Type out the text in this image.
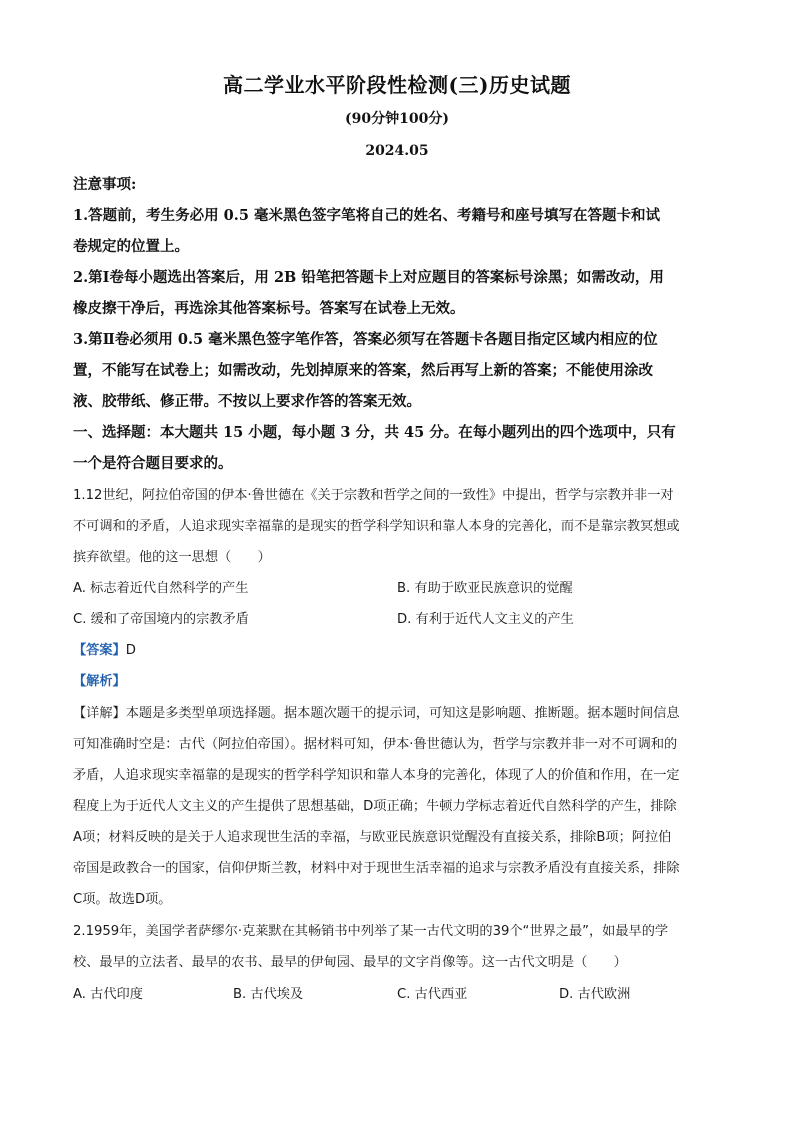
高二学业水平阶段性检测(三)历史试题
(90分钟100分)
2024.05
注意事项:
1.答题前，考生务必用 0.5 毫米黑色签字笔将自己的姓名、考籍号和座号填写在答题卡和试
卷规定的位置上。
2.第Ⅰ卷每小题选出答案后，用 2B 铅笔把答题卡上对应题目的答案标号涂黑；如需改动，用
橡皮擦干净后，再选涂其他答案标号。答案写在试卷上无效。
3.第Ⅱ卷必须用 0.5 毫米黑色签字笔作答，答案必须写在答题卡各题目指定区域内相应的位
置，不能写在试卷上；如需改动，先划掉原来的答案，然后再写上新的答案；不能使用涂改
液、胶带纸、修正带。不按以上要求作答的答案无效。
一、选择题：本大题共 15 小题，每小题 3 分，共 45 分。在每小题列出的四个选项中，只有
一个是符合题目要求的。
1.12世纪，阿拉伯帝国的伊本·鲁世德在《关于宗教和哲学之间的一致性》中提出，哲学与宗教并非一对
不可调和的矛盾，人追求现实幸福靠的是现实的哲学科学知识和靠人本身的完善化，而不是靠宗教冥想或
摈弃欲望。他的这一思想（　　）
A. 标志着近代自然科学的产生	B. 有助于欧亚民族意识的觉醒
C. 缓和了帝国境内的宗教矛盾	D. 有利于近代人文主义的产生
【答案】D
【解析】
【详解】本题是多类型单项选择题。据本题次题干的提示词，可知这是影响题、推断题。据本题时间信息
可知准确时空是：古代（阿拉伯帝国）。据材料可知，伊本·鲁世德认为，哲学与宗教并非一对不可调和的
矛盾，人追求现实幸福靠的是现实的哲学科学知识和靠人本身的完善化，体现了人的价值和作用，在一定
程度上为于近代人文主义的产生提供了思想基础，D项正确；牛顿力学标志着近代自然科学的产生，排除
A项；材料反映的是关于人追求现世生活的幸福，与欧亚民族意识觉醒没有直接关系，排除B项；阿拉伯
帝国是政教合一的国家，信仰伊斯兰教，材料中对于现世生活幸福的追求与宗教矛盾没有直接关系，排除
C项。故选D项。
2.1959年，美国学者萨缪尔·克莱默在其畅销书中列举了某一古代文明的39个“世界之最”，如最早的学
校、最早的立法者、最早的农书、最早的伊甸园、最早的文字肖像等。这一古代文明是（　　）
A. 古代印度	B. 古代埃及	C. 古代西亚	D. 古代欧洲
